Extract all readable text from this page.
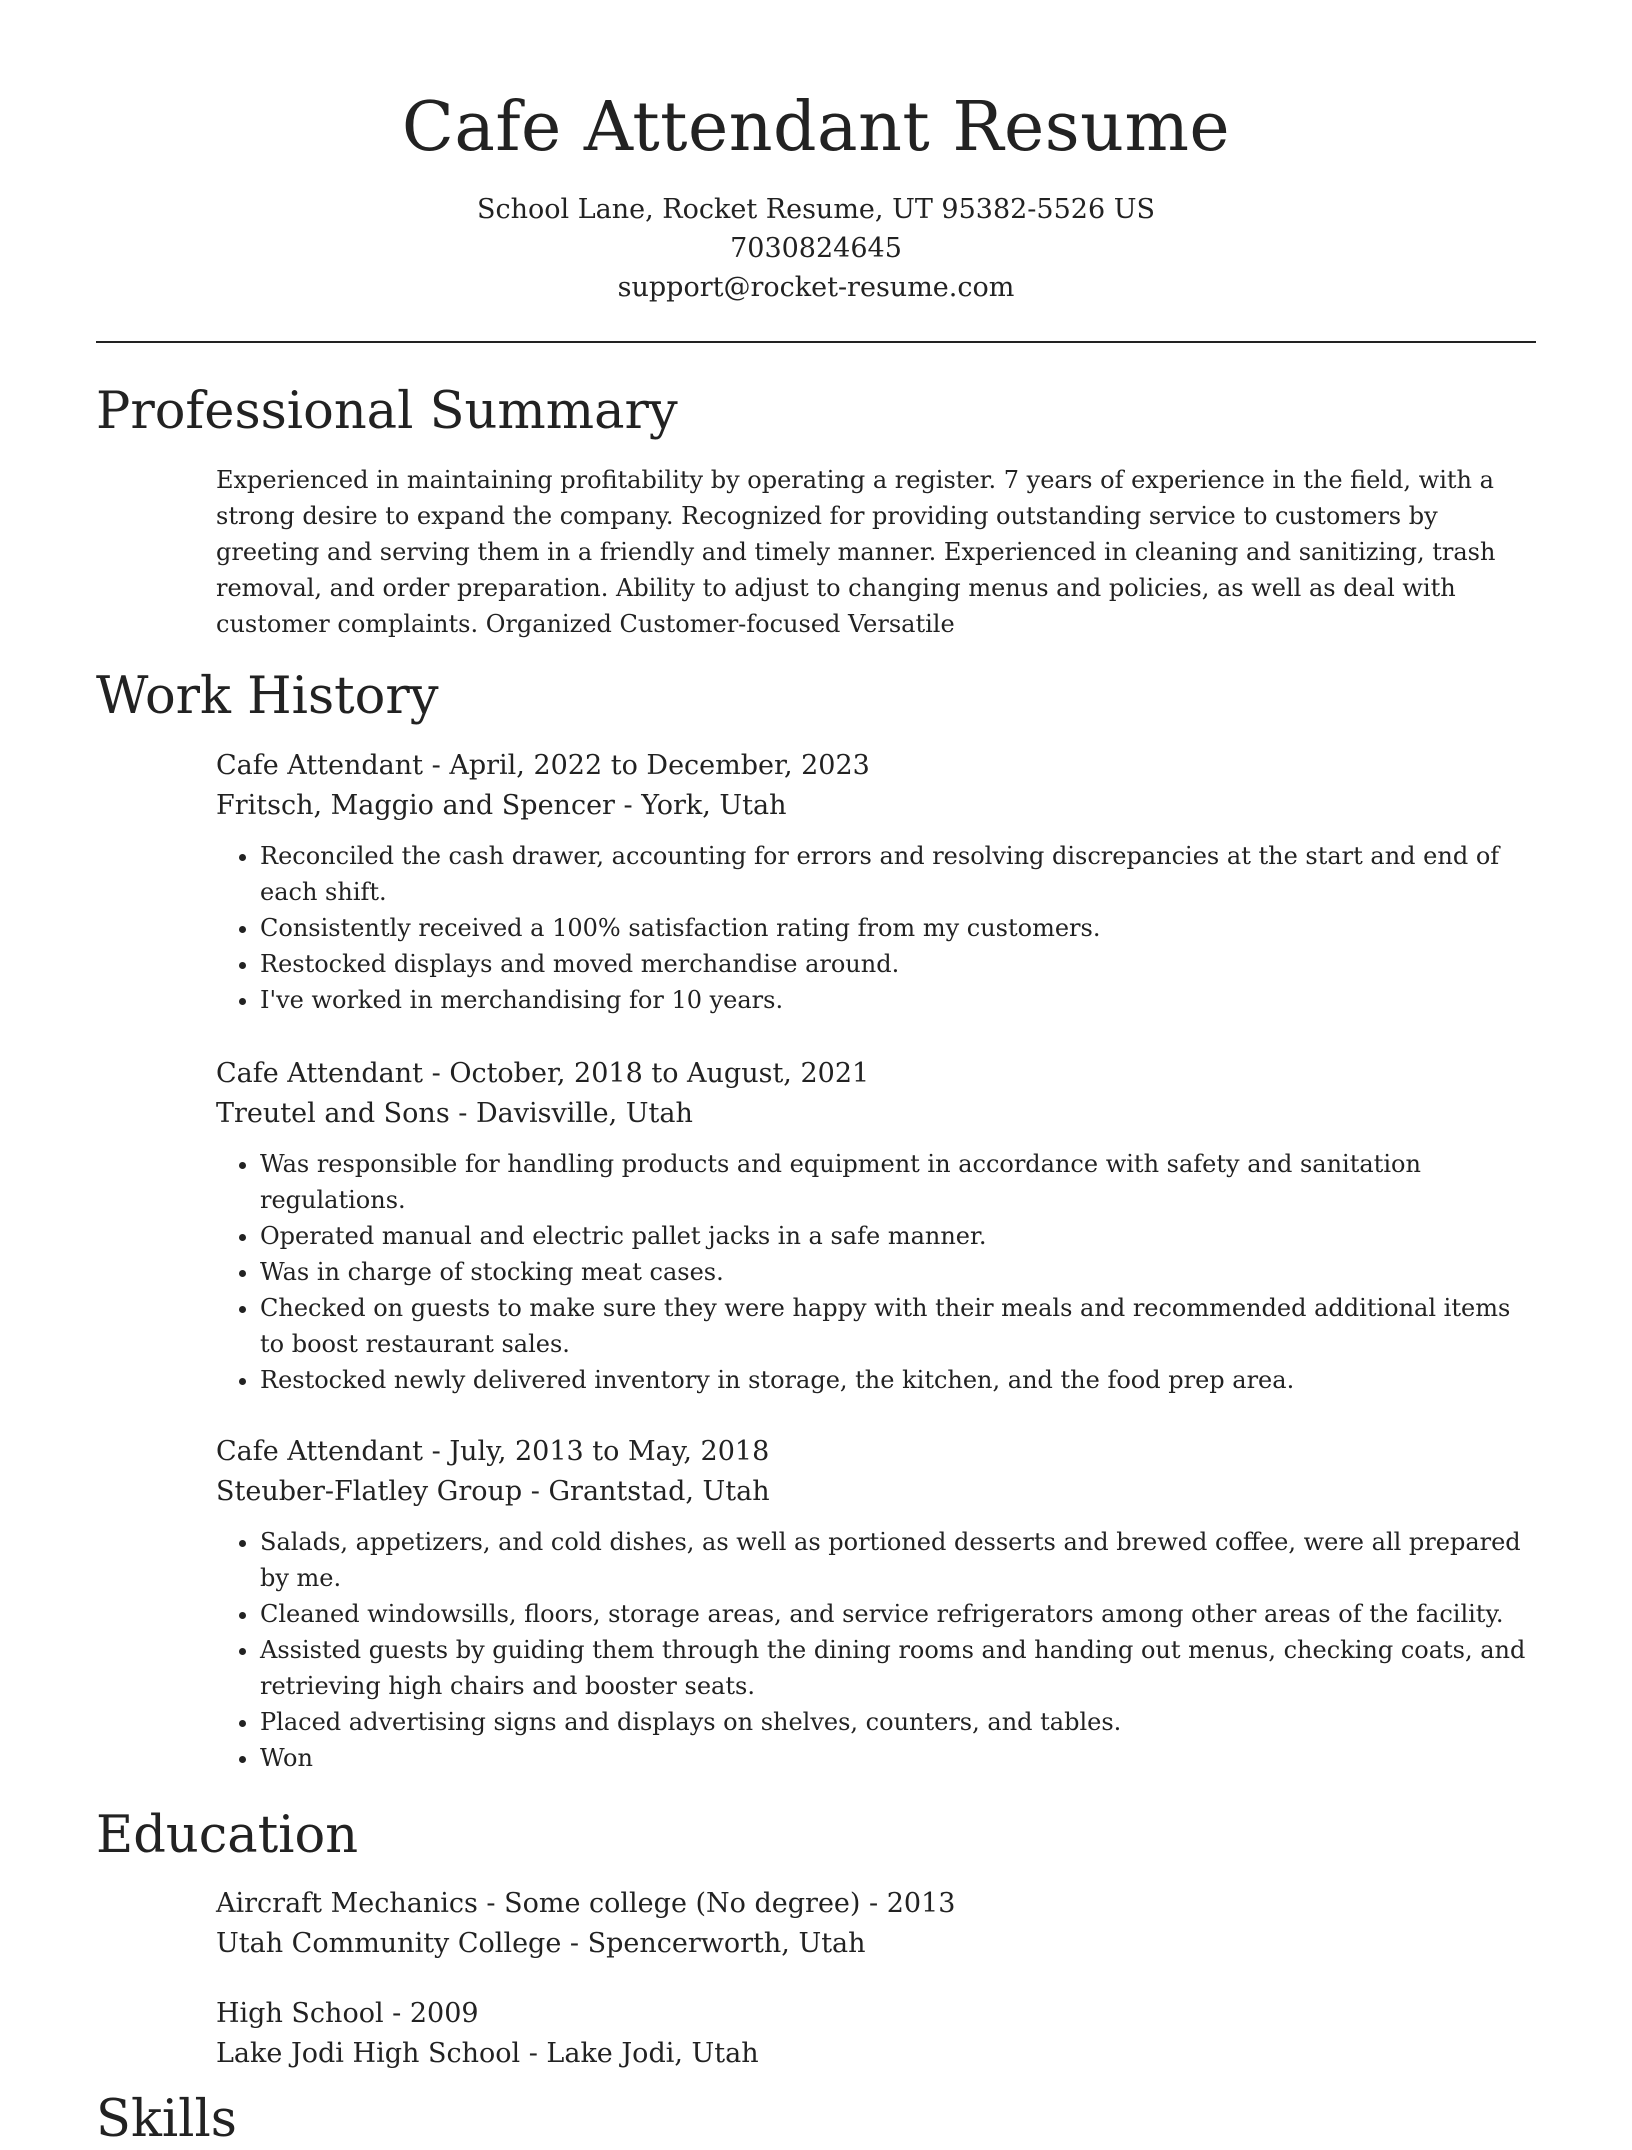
Cafe Attendant Resume
School Lane, Rocket Resume, UT 95382-5526 US
7030824645
support@rocket-resume.com
Professional Summary
Experienced in maintaining profitability by operating a register. 7 years of experience in the field, with a strong desire to expand the company. Recognized for providing outstanding service to customers by greeting and serving them in a friendly and timely manner. Experienced in cleaning and sanitizing, trash removal, and order preparation. Ability to adjust to changing menus and policies, as well as deal with customer complaints. Organized Customer-focused Versatile
Work History
Cafe Attendant - April, 2022 to December, 2023
Fritsch, Maggio and Spencer - York, Utah
• Reconciled the cash drawer, accounting for errors and resolving discrepancies at the start and end of each shift.
• Consistently received a 100% satisfaction rating from my customers.
• Restocked displays and moved merchandise around.
• I've worked in merchandising for 10 years.
Cafe Attendant - October, 2018 to August, 2021
Treutel and Sons - Davisville, Utah
• Was responsible for handling products and equipment in accordance with safety and sanitation regulations.
• Operated manual and electric pallet jacks in a safe manner.
• Was in charge of stocking meat cases.
• Checked on guests to make sure they were happy with their meals and recommended additional items to boost restaurant sales.
• Restocked newly delivered inventory in storage, the kitchen, and the food prep area.
Cafe Attendant - July, 2013 to May, 2018
Steuber-Flatley Group - Grantstad, Utah
• Salads, appetizers, and cold dishes, as well as portioned desserts and brewed coffee, were all prepared by me.
• Cleaned windowsills, floors, storage areas, and service refrigerators among other areas of the facility.
• Assisted guests by guiding them through the dining rooms and handing out menus, checking coats, and retrieving high chairs and booster seats.
• Placed advertising signs and displays on shelves, counters, and tables.
• Won
Education
Aircraft Mechanics - Some college (No degree) - 2013
Utah Community College - Spencerworth, Utah
High School - 2009
Lake Jodi High School - Lake Jodi, Utah
Skills
